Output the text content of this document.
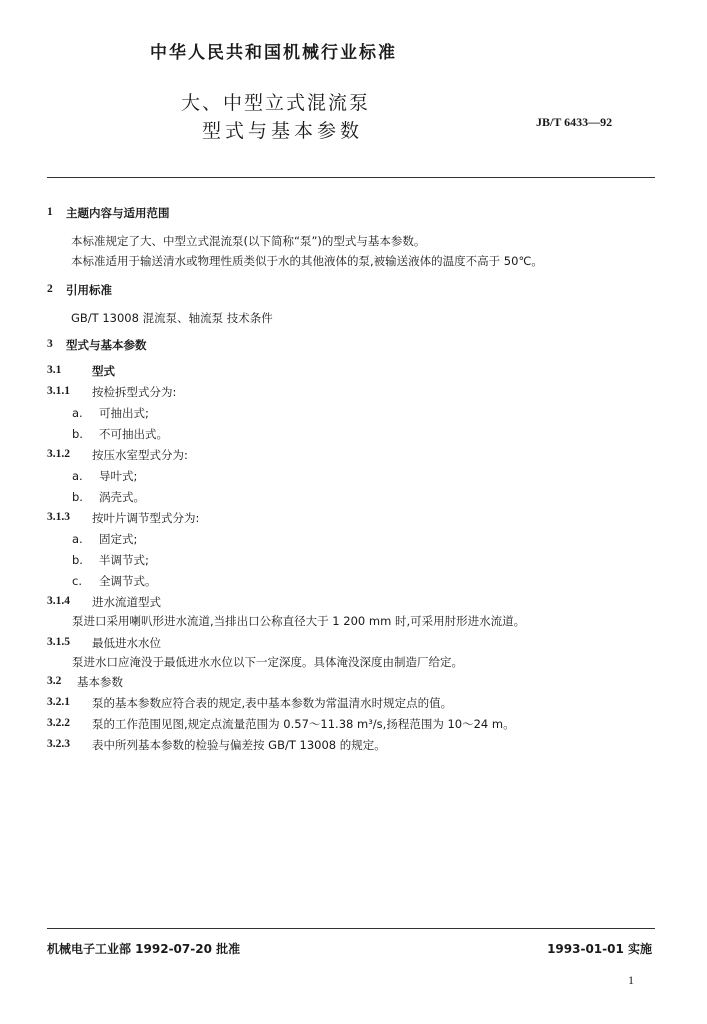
中华人民共和国机械行业标准
大、中型立式混流泵
型式与基本参数	JB/T 6433—92
1 主题内容与适用范围
本标准规定了大、中型立式混流泵(以下简称“泵”)的型式与基本参数。
本标准适用于输送清水或物理性质类似于水的其他液体的泵,被输送液体的温度不高于 50℃。
2 引用标准
GB/T 13008 混流泵、轴流泵 技术条件
3 型式与基本参数
3.1	型式
3.1.1 按检拆型式分为:
a. 可抽出式;
b. 不可抽出式。
3.1.2 按压水室型式分为:
a. 导叶式;
b. 涡壳式。
3.1.3 按叶片调节型式分为:
a. 固定式;
b. 半调节式;
c. 全调节式。
3.1.4 进水流道型式
泵进口采用喇叭形进水流道,当排出口公称直径大于 1 200 mm 时,可采用肘形进水流道。
3.1.5 最低进水水位
泵进水口应淹没于最低进水水位以下一定深度。具体淹没深度由制造厂给定。
3.2 基本参数
3.2.1 泵的基本参数应符合表的规定,表中基本参数为常温清水时规定点的值。
3.2.2 泵的工作范围见图,规定点流量范围为 0.57～11.38 m³/s,扬程范围为 10～24 m。
3.2.3 表中所列基本参数的检验与偏差按 GB/T 13008 的规定。
机械电子工业部 1992-07-20 批准	1993-01-01 实施
1
